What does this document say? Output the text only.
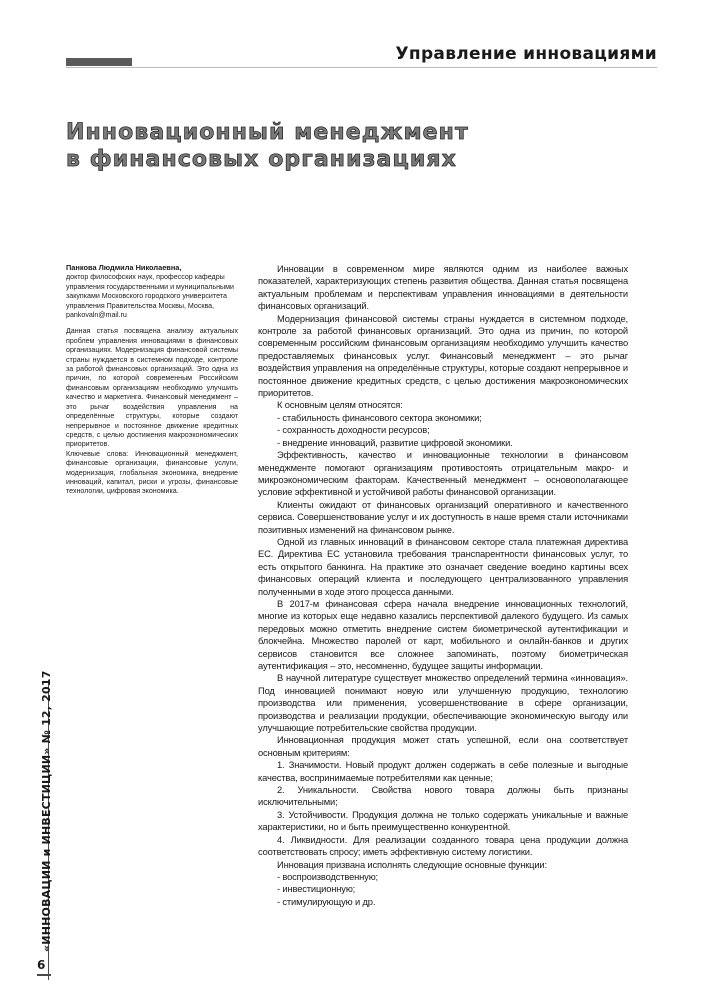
Управление инновациями
Инновационный менеджмент
в финансовых организациях
Панкова Людмила Николаевна,
доктор философских наук, профессор кафедры управления государственными и муниципальными закупками Московского городского университета управления Правительства Москвы, Москва, pankovaln@mail.ru

Данная статья посвящена анализу актуальных проблем управления инновациями в финансовых организациях. Модернизация финансовой системы страны нуждается в системном подходе, контроле за работой финансовых организаций. Это одна из причин, по которой современным Российским финансовым организациям необходимо улучшить качество и маркетинга. Финансовый менеджмент – это рычаг воздействия управления на определённые структуры, которые создают непрерывное и постоянное движение кредитных средств, с целью достижения макроэкономических приоритетов.

Ключевые слова: Инновационный менеджмент, финансовые организации, финансовые услуги, модернизация, глобальная экономика, внедрение инноваций, капитал, риски и угрозы, финансовые технологии, цифровая экономика.

Инновации в современном мире являются одним из наиболее важных показателей, характеризующих степень развития общества. Данная статья посвящена актуальным проблемам и перспективам управления инновациями в деятельности финансовых организаций.

Модернизация финансовой системы страны нуждается в системном подходе, контроле за работой финансовых организаций. Это одна из причин, по которой современным российским финансовым организациям необходимо улучшить качество предоставляемых финансовых услуг. Финансовый менеджмент – это рычаг воздействия управления на определённые структуры, которые создают непрерывное и постоянное движение кредитных средств, с целью достижения макроэкономических приоритетов.

К основным целям относятся:

- стабильность финансового сектора экономики;

- сохранность доходности ресурсов;

- внедрение инноваций, развитие цифровой экономики.

Эффективность, качество и инновационные технологии в финансовом менеджменте помогают организациям противостоять отрицательным макро- и микроэкономическим факторам. Качественный менеджмент – основополагающее условие эффективной и устойчивой работы финансовой организации.

Клиенты ожидают от финансовых организаций оперативного и качественного сервиса. Совершенствование услуг и их доступность в наше время стали источниками позитивных изменений на финансовом рынке.

Одной из главных инноваций в финансовом секторе стала платежная директива ЕС. Директива ЕС установила требования транспарентности финансовых услуг, то есть открытого банкинга. На практике это означает сведение воедино картины всех финансовых операций клиента и последующего централизованного управления полученными в ходе этого процесса данными.

В 2017-м финансовая сфера начала внедрение инновационных технологий, многие из которых еще недавно казались перспективой далекого будущего. Из самых передовых можно отметить внедрение систем биометрической аутентификации и блокчейна. Множество паролей от карт, мобильного и онлайн-банков и других сервисов становится все сложнее запоминать, поэтому биометрическая аутентификация – это, несомненно, будущее защиты информации.

В научной литературе существует множество определений термина «инновация». Под инновацией понимают новую или улучшенную продукцию, технологию производства или применения, усовершенствование в сфере организации, производства и реализации продукции, обеспечивающие экономическую выгоду или улучшающие потребительские свойства продукции.

Инновационная продукция может стать успешной, если она соответствует основным критериям:

1. Значимости. Новый продукт должен содержать в себе полезные и выгодные качества, воспринимаемые потребителями как ценные;

2. Уникальности. Свойства нового товара должны быть признаны исключительными;

3. Устойчивости. Продукция должна не только содержать уникальные и важные характеристики, но и быть преимущественно конкурентной.

4. Ликвидности. Для реализации созданного товара цена продукции должна соответствовать спросу; иметь эффективную систему логистики.

Инновация призвана исполнять следующие основные функции:

- воспроизводственную;

- инвестиционную;

- стимулирующую и др.

«ИННОВАЦИИ и ИНВЕСТИЦИИ» № 12, 2017
6
